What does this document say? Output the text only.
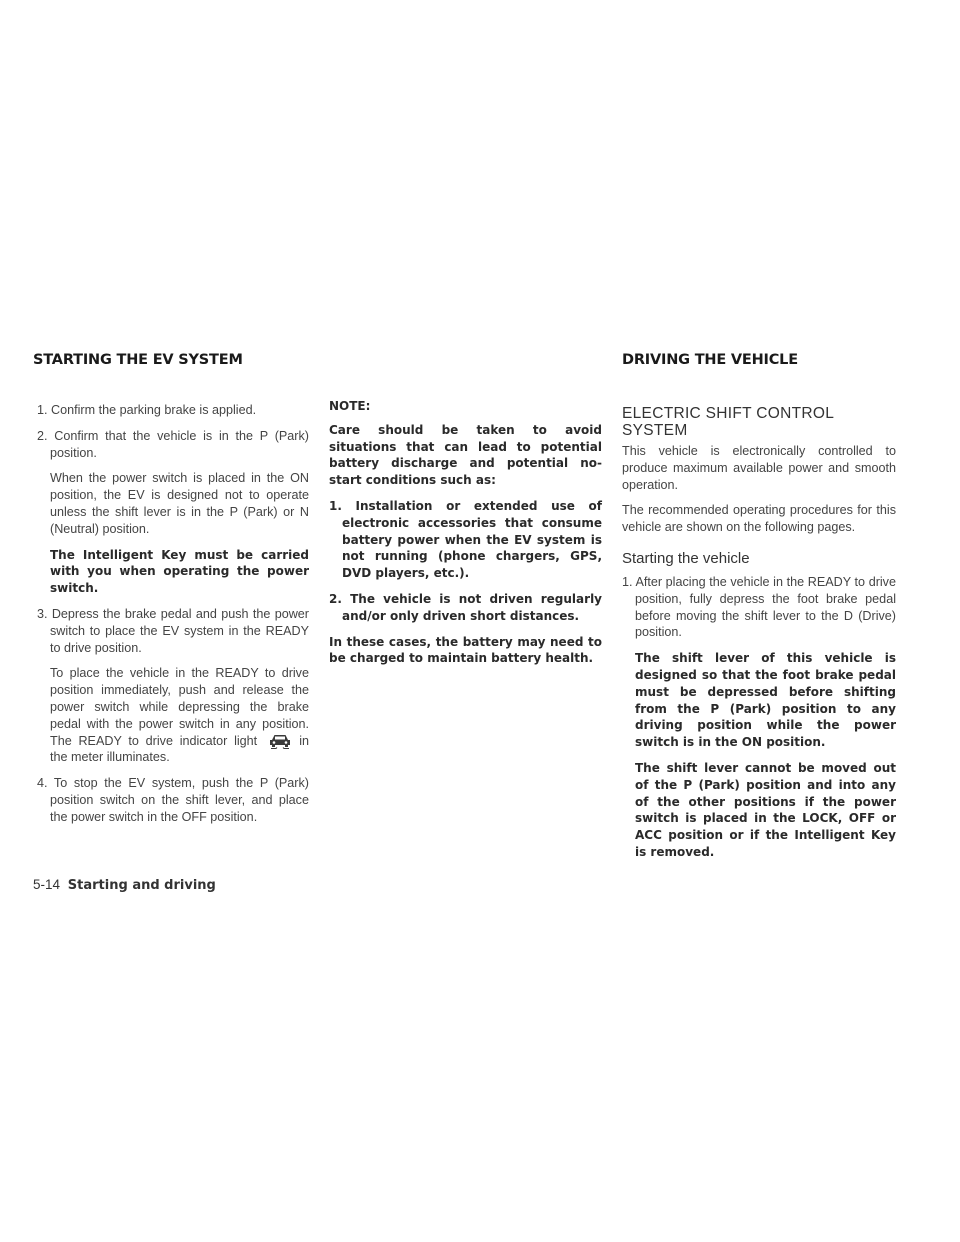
STARTING THE EV SYSTEM	DRIVING THE VEHICLE

1. Confirm the parking brake is applied.

2. Confirm that the vehicle is in the P (Park) position.

When the power switch is placed in the ON position, the EV is designed not to operate unless the shift lever is in the P (Park) or N (Neutral) position.

The Intelligent Key must be carried with you when operating the power switch.

3. Depress the brake pedal and push the power switch to place the EV system in the READY to drive position.

To place the vehicle in the READY to drive position immediately, push and release the power switch while depressing the brake pedal with the power switch in any position. The READY to drive indicator light	in the meter illuminates.

4. To stop the EV system, push the P (Park) position switch on the shift lever, and place the power switch in the OFF position.

NOTE:

Care should be taken to avoid situations that can lead to potential battery discharge and potential no-start conditions such as:

1. Installation or extended use of electronic accessories that consume battery power when the EV system is not running (phone chargers, GPS, DVD players, etc.).

2. The vehicle is not driven regularly and/or only driven short distances.

In these cases, the battery may need to be charged to maintain battery health.

ELECTRIC SHIFT CONTROL SYSTEM

This vehicle is electronically controlled to produce maximum available power and smooth operation.

The recommended operating procedures for this vehicle are shown on the following pages.

Starting the vehicle

1. After placing the vehicle in the READY to drive position, fully depress the foot brake pedal before moving the shift lever to the D (Drive) position.

The shift lever of this vehicle is designed so that the foot brake pedal must be depressed before shifting from the P (Park) position to any driving position while the power switch is in the ON position.

The shift lever cannot be moved out of the P (Park) position and into any of the other positions if the power switch is placed in the LOCK, OFF or ACC position or if the Intelligent Key is removed.

5-14 Starting and driving
